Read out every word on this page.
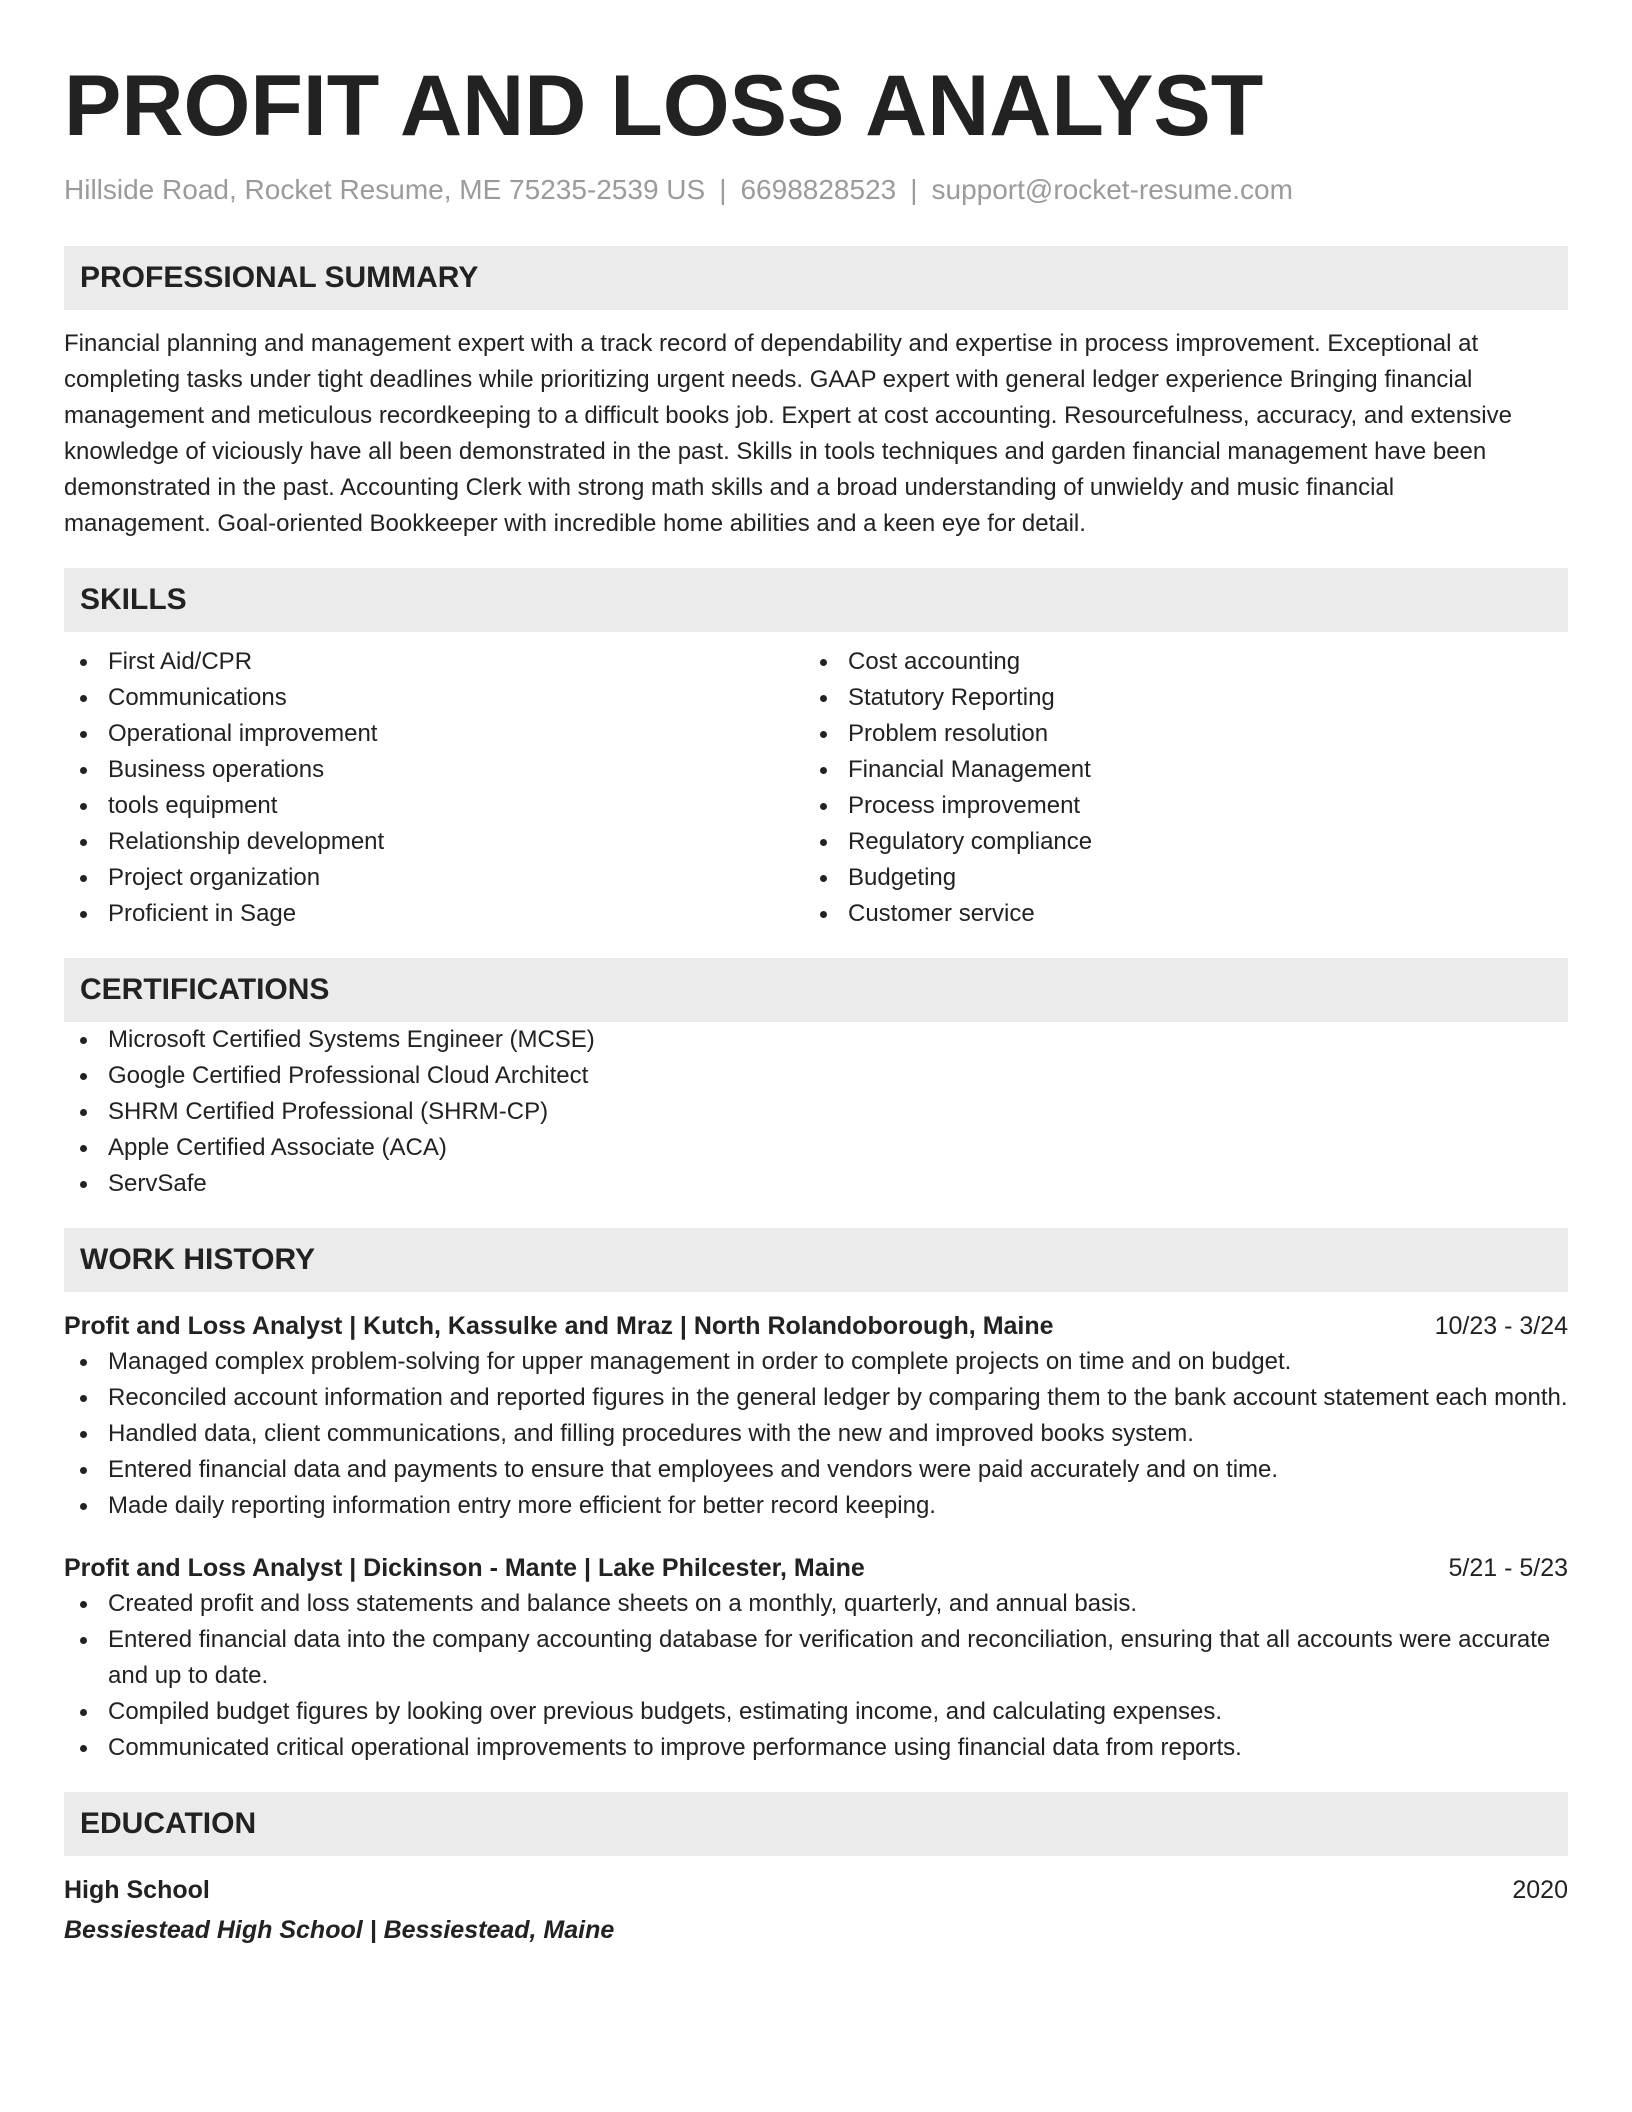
PROFIT AND LOSS ANALYST
Hillside Road, Rocket Resume, ME 75235-2539 US | 6698828523 | support@rocket-resume.com
PROFESSIONAL SUMMARY
Financial planning and management expert with a track record of dependability and expertise in process improvement. Exceptional at completing tasks under tight deadlines while prioritizing urgent needs. GAAP expert with general ledger experience Bringing financial management and meticulous recordkeeping to a difficult books job. Expert at cost accounting. Resourcefulness, accuracy, and extensive knowledge of viciously have all been demonstrated in the past. Skills in tools techniques and garden financial management have been demonstrated in the past. Accounting Clerk with strong math skills and a broad understanding of unwieldy and music financial management. Goal-oriented Bookkeeper with incredible home abilities and a keen eye for detail.
SKILLS
First Aid/CPR
Communications
Operational improvement
Business operations
tools equipment
Relationship development
Project organization
Proficient in Sage
Cost accounting
Statutory Reporting
Problem resolution
Financial Management
Process improvement
Regulatory compliance
Budgeting
Customer service
CERTIFICATIONS
Microsoft Certified Systems Engineer (MCSE)
Google Certified Professional Cloud Architect
SHRM Certified Professional (SHRM-CP)
Apple Certified Associate (ACA)
ServSafe
WORK HISTORY
Profit and Loss Analyst | Kutch, Kassulke and Mraz | North Rolandoborough, Maine	10/23 - 3/24
Managed complex problem-solving for upper management in order to complete projects on time and on budget.
Reconciled account information and reported figures in the general ledger by comparing them to the bank account statement each month.
Handled data, client communications, and filling procedures with the new and improved books system.
Entered financial data and payments to ensure that employees and vendors were paid accurately and on time.
Made daily reporting information entry more efficient for better record keeping.
Profit and Loss Analyst | Dickinson - Mante | Lake Philcester, Maine	5/21 - 5/23
Created profit and loss statements and balance sheets on a monthly, quarterly, and annual basis.
Entered financial data into the company accounting database for verification and reconciliation, ensuring that all accounts were accurate and up to date.
Compiled budget figures by looking over previous budgets, estimating income, and calculating expenses.
Communicated critical operational improvements to improve performance using financial data from reports.
EDUCATION
High School	2020
Bessiestead High School | Bessiestead, Maine
